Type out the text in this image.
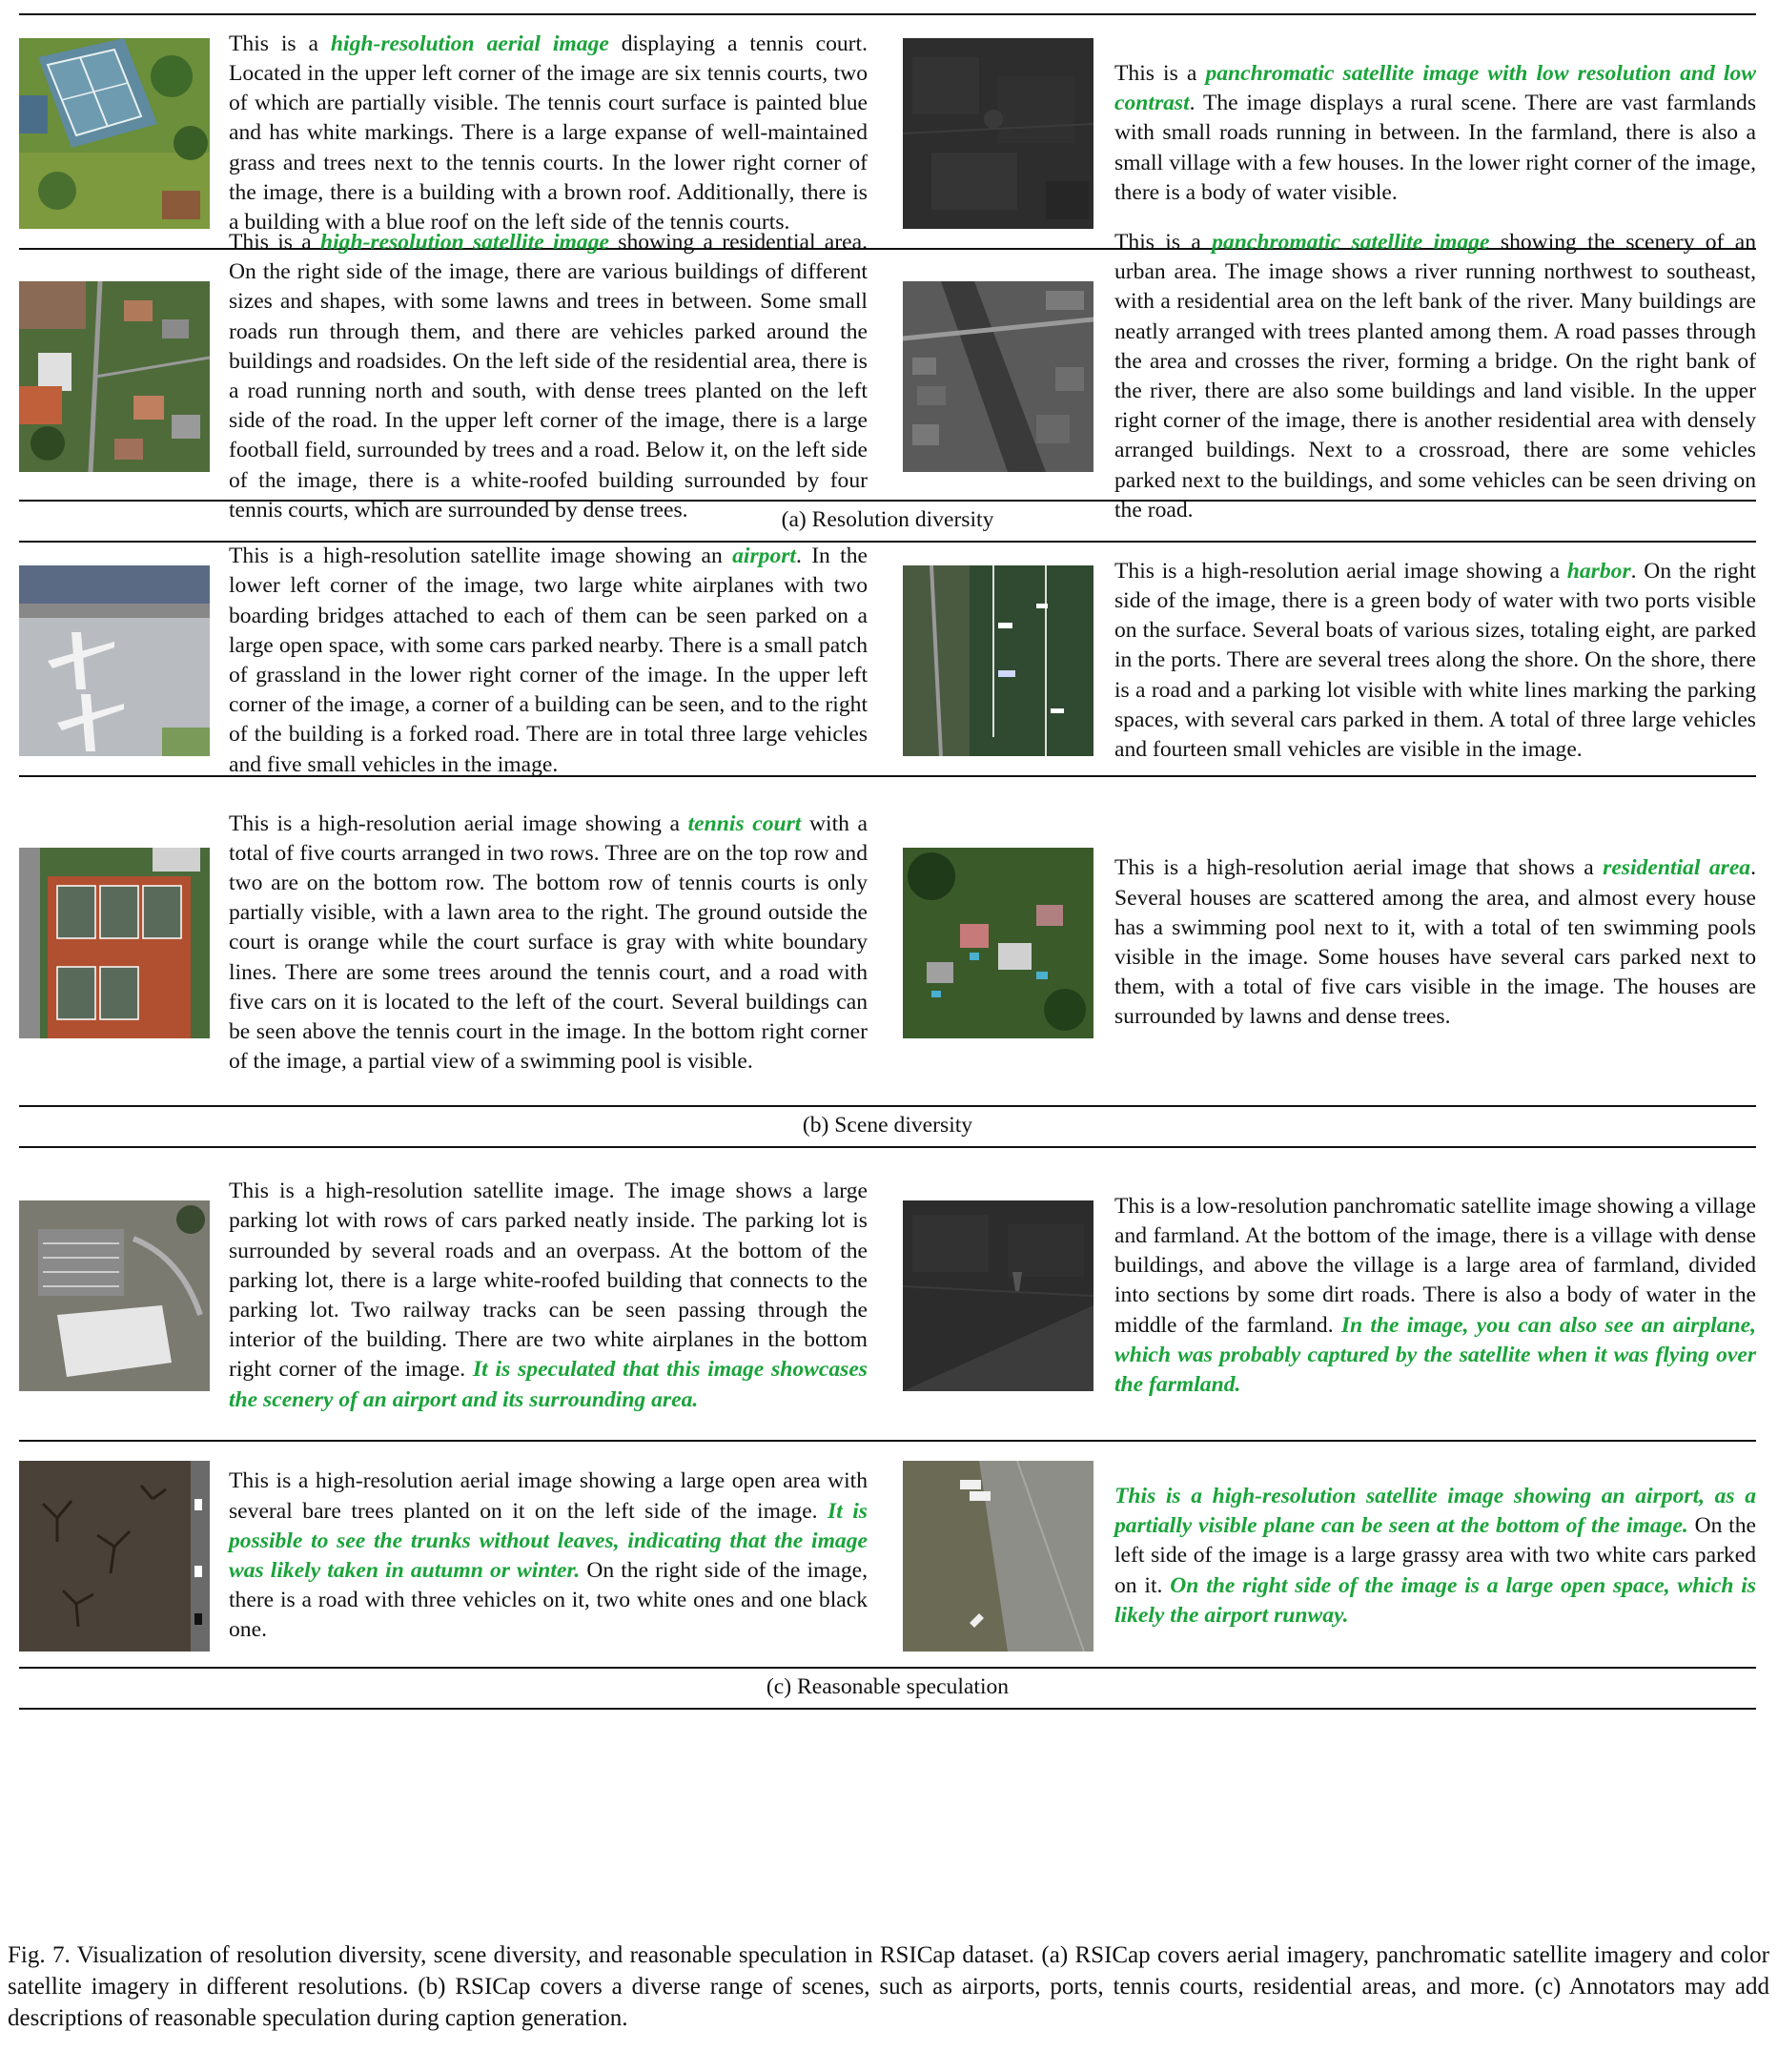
This is a high-resolution aerial image displaying a tennis court. Located in the upper left corner of the image are six tennis courts, two of which are partially visible. The tennis court surface is painted blue and has white markings. There is a large expanse of well-maintained grass and trees next to the tennis courts. In the lower right corner of the image, there is a building with a brown roof. Additionally, there is a building with a blue roof on the left side of the tennis courts.
This is a panchromatic satellite image with low resolution and low contrast. The image displays a rural scene. There are vast farmlands with small roads running in between. In the farmland, there is also a small village with a few houses. In the lower right corner of the image, there is a body of water visible.
This is a high-resolution satellite image showing a residential area. On the right side of the image, there are various buildings of different sizes and shapes, with some lawns and trees in between. Some small roads run through them, and there are vehicles parked around the buildings and roadsides. On the left side of the residential area, there is a road running north and south, with dense trees planted on the left side of the road. In the upper left corner of the image, there is a large football field, surrounded by trees and a road. Below it, on the left side of the image, there is a white-roofed building surrounded by four tennis courts, which are surrounded by dense trees.
This is a panchromatic satellite image showing the scenery of an urban area. The image shows a river running northwest to southeast, with a residential area on the left bank of the river. Many buildings are neatly arranged with trees planted among them. A road passes through the area and crosses the river, forming a bridge. On the right bank of the river, there are also some buildings and land visible. In the upper right corner of the image, there is another residential area with densely arranged buildings. Next to a crossroad, there are some vehicles parked next to the buildings, and some vehicles can be seen driving on the road.
(a) Resolution diversity
This is a high-resolution satellite image showing an airport. In the lower left corner of the image, two large white airplanes with two boarding bridges attached to each of them can be seen parked on a large open space, with some cars parked nearby. There is a small patch of grassland in the lower right corner of the image. In the upper left corner of the image, a corner of a building can be seen, and to the right of the building is a forked road. There are in total three large vehicles and five small vehicles in the image.
This is a high-resolution aerial image showing a harbor. On the right side of the image, there is a green body of water with two ports visible on the surface. Several boats of various sizes, totaling eight, are parked in the ports. There are several trees along the shore. On the shore, there is a road and a parking lot visible with white lines marking the parking spaces, with several cars parked in them. A total of three large vehicles and fourteen small vehicles are visible in the image.
This is a high-resolution aerial image showing a tennis court with a total of five courts arranged in two rows. Three are on the top row and two are on the bottom row. The bottom row of tennis courts is only partially visible, with a lawn area to the right. The ground outside the court is orange while the court surface is gray with white boundary lines. There are some trees around the tennis court, and a road with five cars on it is located to the left of the court. Several buildings can be seen above the tennis court in the image. In the bottom right corner of the image, a partial view of a swimming pool is visible.
This is a high-resolution aerial image that shows a residential area. Several houses are scattered among the area, and almost every house has a swimming pool next to it, with a total of ten swimming pools visible in the image. Some houses have several cars parked next to them, with a total of five cars visible in the image. The houses are surrounded by lawns and dense trees.
(b) Scene diversity
This is a high-resolution satellite image. The image shows a large parking lot with rows of cars parked neatly inside. The parking lot is surrounded by several roads and an overpass. At the bottom of the parking lot, there is a large white-roofed building that connects to the parking lot. Two railway tracks can be seen passing through the interior of the building. There are two white airplanes in the bottom right corner of the image. It is speculated that this image showcases the scenery of an airport and its surrounding area.
This is a low-resolution panchromatic satellite image showing a village and farmland. At the bottom of the image, there is a village with dense buildings, and above the village is a large area of farmland, divided into sections by some dirt roads. There is also a body of water in the middle of the farmland. In the image, you can also see an airplane, which was probably captured by the satellite when it was flying over the farmland.
This is a high-resolution aerial image showing a large open area with several bare trees planted on it on the left side of the image. It is possible to see the trunks without leaves, indicating that the image was likely taken in autumn or winter. On the right side of the image, there is a road with three vehicles on it, two white ones and one black one.
This is a high-resolution satellite image showing an airport, as a partially visible plane can be seen at the bottom of the image. On the left side of the image is a large grassy area with two white cars parked on it. On the right side of the image is a large open space, which is likely the airport runway.
(c) Reasonable speculation
Fig. 7. Visualization of resolution diversity, scene diversity, and reasonable speculation in RSICap dataset. (a) RSICap covers aerial imagery, panchromatic satellite imagery and color satellite imagery in different resolutions. (b) RSICap covers a diverse range of scenes, such as airports, ports, tennis courts, residential areas, and more. (c) Annotators may add descriptions of reasonable speculation during caption generation.
